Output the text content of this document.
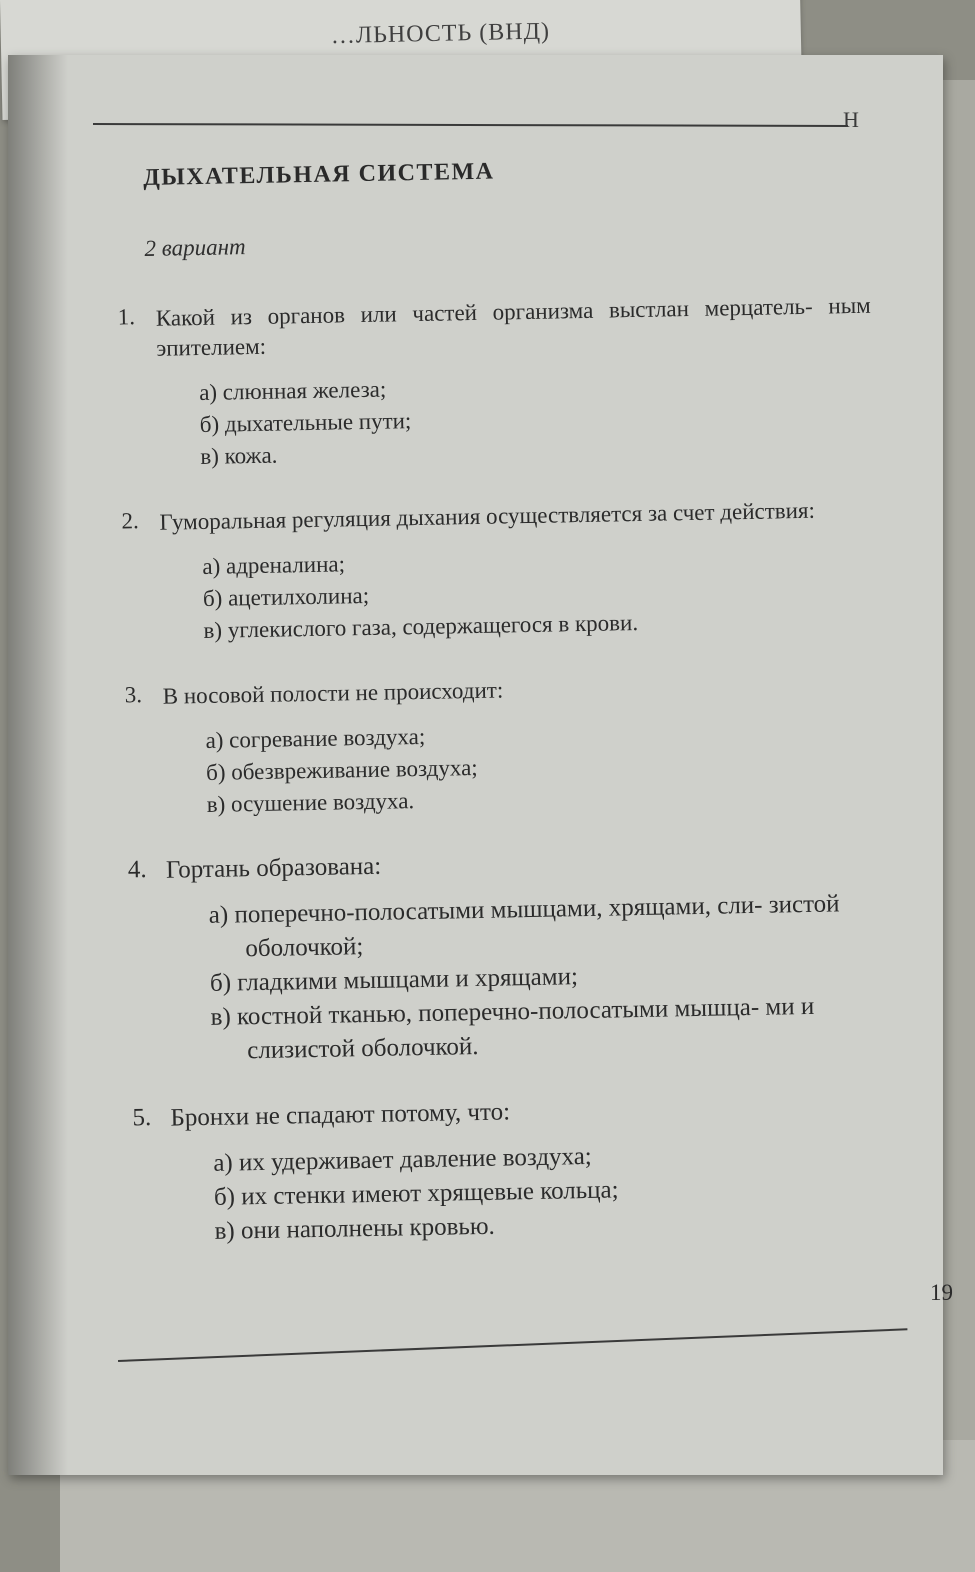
…ЛЬНОСТЬ (ВНД)
H
ДЫХАТЕЛЬНАЯ СИСТЕМА
2 вариант
1. Какой из органов или частей организма выстлан мерцатель- ным эпителием:
а) слюнная железа;
б) дыхательные пути;
в) кожа.
2. Гуморальная регуляция дыхания осуществляется за счет действия:
а) адреналина;
б) ацетилхолина;
в) углекислого газа, содержащегося в крови.
3. В носовой полости не происходит:
а) согревание воздуха;
б) обезвреживание воздуха;
в) осушение воздуха.
4. Гортань образована:
а) поперечно-полосатыми мышцами, хрящами, сли- зистой оболочкой;
б) гладкими мышцами и хрящами;
в) костной тканью, поперечно-полосатыми мышца- ми и слизистой оболочкой.
5. Бронхи не спадают потому, что:
а) их удерживает давление воздуха;
б) их стенки имеют хрящевые кольца;
в) они наполнены кровью.
19
